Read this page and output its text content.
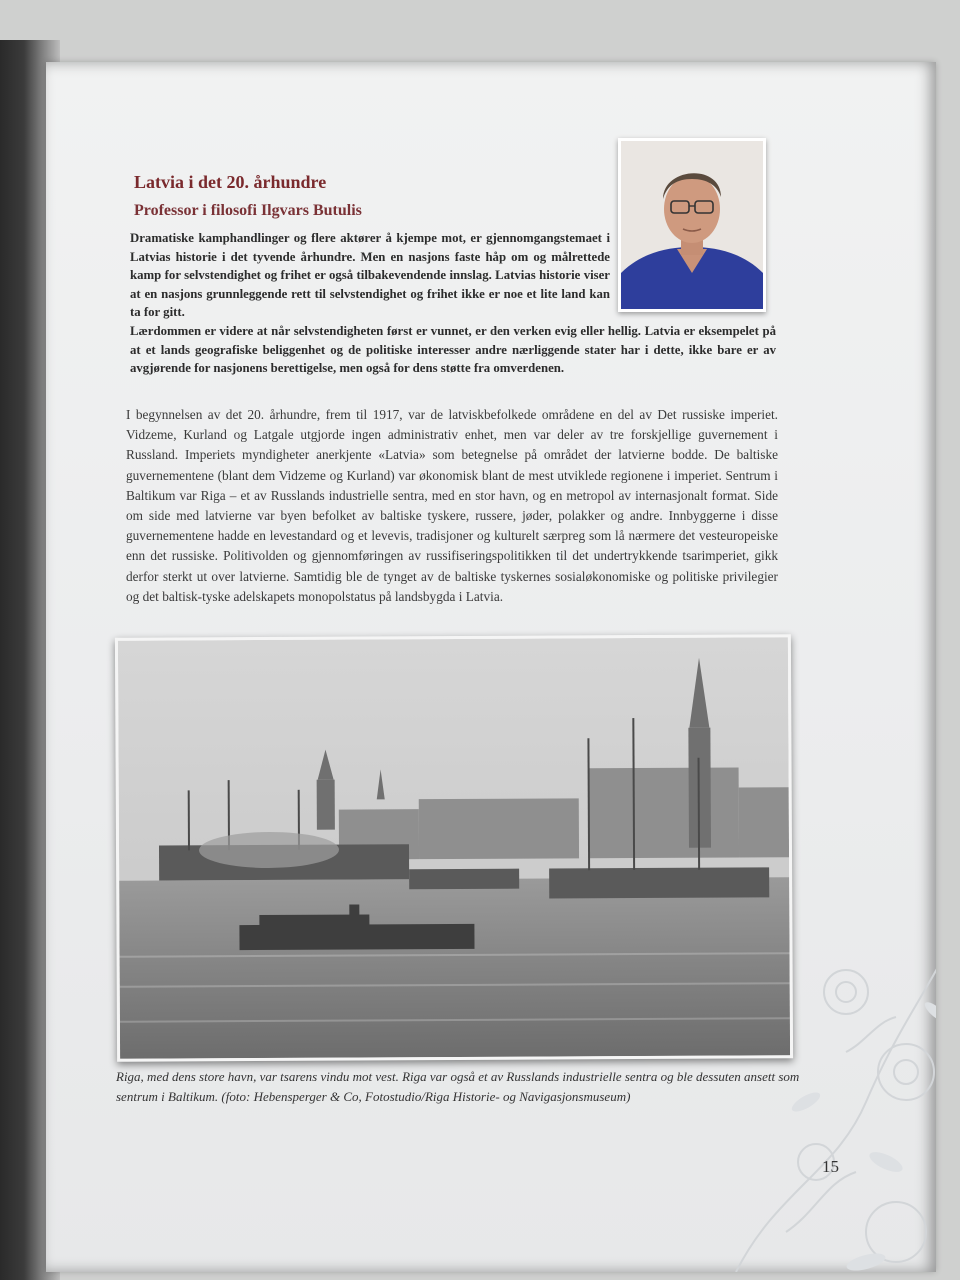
Latvia i det 20. århundre
Professor i filosofi Ilgvars Butulis

Dramatiske kamphandlinger og flere aktører å kjempe mot, er gjennomgangstemaet i Latvias historie i det tyvende århundre. Men en nasjons faste håp om og målrettede kamp for selvstendighet og frihet er også tilbakevendende innslag. Latvias historie viser at en nasjons grunnleggende rett til selvstendighet og frihet ikke er noe et lite land kan ta for gitt.
Lærdommen er videre at når selvstendigheten først er vunnet, er den verken evig eller hellig. Latvia er eksempelet på at et lands geografiske beliggenhet og de politiske interesser andre nærliggende stater har i dette, ikke bare er av avgjørende for nasjonens berettigelse, men også for dens støtte fra omverdenen.

I begynnelsen av det 20. århundre, frem til 1917, var de latviskbefolkede områdene en del av Det russiske imperiet. Vidzeme, Kurland og Latgale utgjorde ingen administrativ enhet, men var deler av tre forskjellige guvernement i Russland. Imperiets myndigheter anerkjente «Latvia» som betegnelse på området der latvierne bodde. De baltiske guvernementene (blant dem Vidzeme og Kurland) var økonomisk blant de mest utviklede regionene i imperiet. Sentrum i Baltikum var Riga – et av Russlands industrielle sentra, med en stor havn, og en metropol av internasjonalt format. Side om side med latvierne var byen befolket av baltiske tyskere, russere, jøder, polakker og andre. Innbyggerne i disse guvernementene hadde en levestandard og et levevis, tradisjoner og kulturelt særpreg som lå nærmere det vesteuropeiske enn det russiske. Politivolden og gjennomføringen av russifiseringspolitikken til det undertrykkende tsarimperiet, gikk derfor sterkt ut over latvierne. Samtidig ble de tynget av de baltiske tyskernes sosialøkonomiske og politiske privilegier og det baltisk-tyske adelskapets monopolstatus på landsbygda i Latvia.

Riga, med dens store havn, var tsarens vindu mot vest. Riga var også et av Russlands industrielle sentra og ble dessuten ansett som sentrum i Baltikum. (foto: Hebensperger & Co, Fotostudio/Riga Historie- og Navigasjonsmuseum)

15
